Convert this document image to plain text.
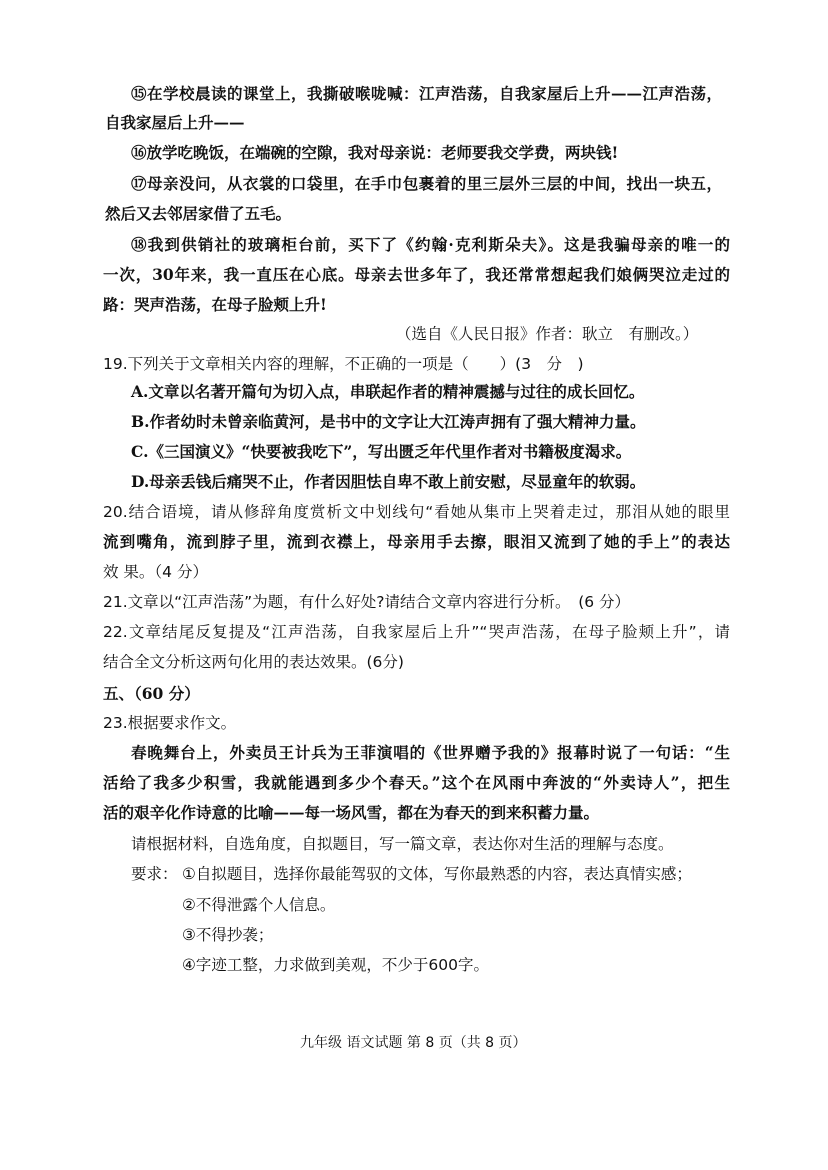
⑮在学校晨读的课堂上，我撕破喉咙喊：江声浩荡，自我家屋后上升——江声浩荡，
自我家屋后上升——
⑯放学吃晚饭，在端碗的空隙，我对母亲说：老师要我交学费，两块钱!
⑰母亲没问，从衣裳的口袋里，在手巾包裹着的里三层外三层的中间，找出一块五，
然后又去邻居家借了五毛。
⑱我到供销社的玻璃柜台前，买下了《约翰·克利斯朵夫》。这是我骗母亲的唯一的
一次，30年来，我一直压在心底。母亲去世多年了，我还常常想起我们娘俩哭泣走过的
路：哭声浩荡，在母子脸颊上升!
（选自《人民日报》作者：耿立　有删改。）
19.下列关于文章相关内容的理解，不正确的一项是（　　）(3　分　)
A.文章以名著开篇句为切入点，串联起作者的精神震撼与过往的成长回忆。
B.作者幼时未曾亲临黄河，是书中的文字让大江涛声拥有了强大精神力量。
C.《三国演义》“快要被我吃下”，写出匮乏年代里作者对书籍极度渴求。
D.母亲丢钱后痛哭不止，作者因胆怯自卑不敢上前安慰，尽显童年的软弱。
20.结合语境，请从修辞角度赏析文中划线句“看她从集市上哭着走过，那泪从她的眼里
流到嘴角，流到脖子里，流到衣襟上，母亲用手去擦，眼泪又流到了她的手上”的表达
效 果。（4 分）
21.文章以“江声浩荡”为题，有什么好处?请结合文章内容进行分析。　(6 分）
22.文章结尾反复提及“江声浩荡，自我家屋后上升”“哭声浩荡，在母子脸颊上升”，请
结合全文分析这两句化用的表达效果。(6分)
五、（60 分）
23.根据要求作文。
春晚舞台上，外卖员王计兵为王菲演唱的《世界赠予我的》报幕时说了一句话：“生
活给了我多少积雪，我就能遇到多少个春天。”这个在风雨中奔波的“外卖诗人”，把生
活的艰辛化作诗意的比喻——每一场风雪，都在为春天的到来积蓄力量。
请根据材料，自选角度，自拟题目，写一篇文章，表达你对生活的理解与态度。
要求： ①自拟题目，选择你最能驾驭的文体，写你最熟悉的内容，表达真情实感；
②不得泄露个人信息。
③不得抄袭；
④字迹工整，力求做到美观，不少于600字。
九年级 语文试题 第 8 页（共 8 页）
